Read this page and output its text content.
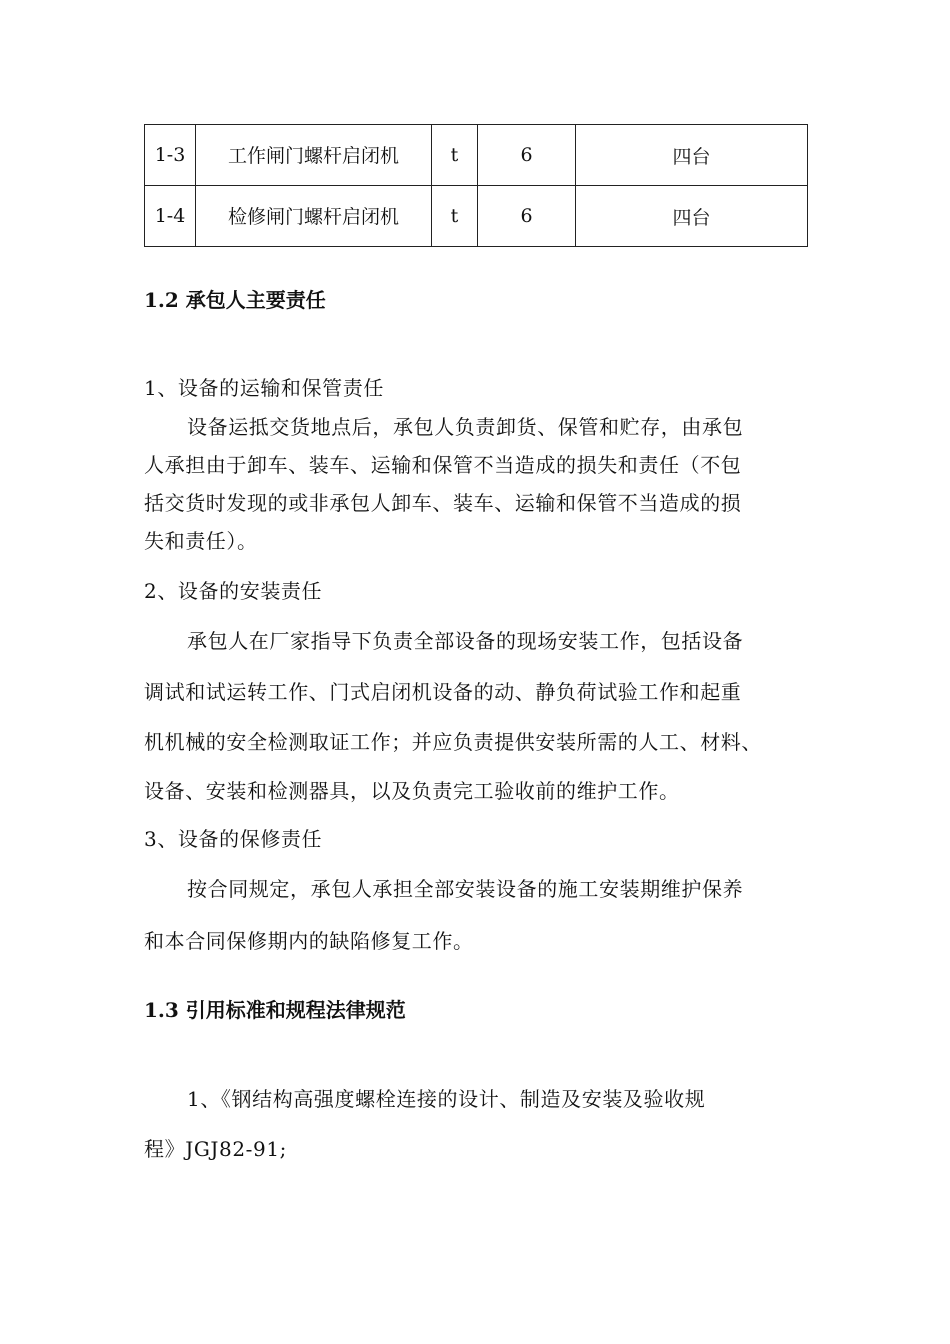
1-3	工作闸门螺杆启闭机	t	6	四台
1-4	检修闸门螺杆启闭机	t	6	四台
1.2 承包人主要责任
1、设备的运输和保管责任
设备运抵交货地点后，承包人负责卸货、保管和贮存，由承包
人承担由于卸车、装车、运输和保管不当造成的损失和责任（不包
括交货时发现的或非承包人卸车、装车、运输和保管不当造成的损
失和责任）。
2、设备的安装责任
承包人在厂家指导下负责全部设备的现场安装工作，包括设备
调试和试运转工作、门式启闭机设备的动、静负荷试验工作和起重
机机械的安全检测取证工作；并应负责提供安装所需的人工、材料、
设备、安装和检测器具，以及负责完工验收前的维护工作。
3、设备的保修责任
按合同规定，承包人承担全部安装设备的施工安装期维护保养
和本合同保修期内的缺陷修复工作。
1.3 引用标准和规程法律规范
1、《钢结构高强度螺栓连接的设计、制造及安装及验收规
程》JGJ82-91;
